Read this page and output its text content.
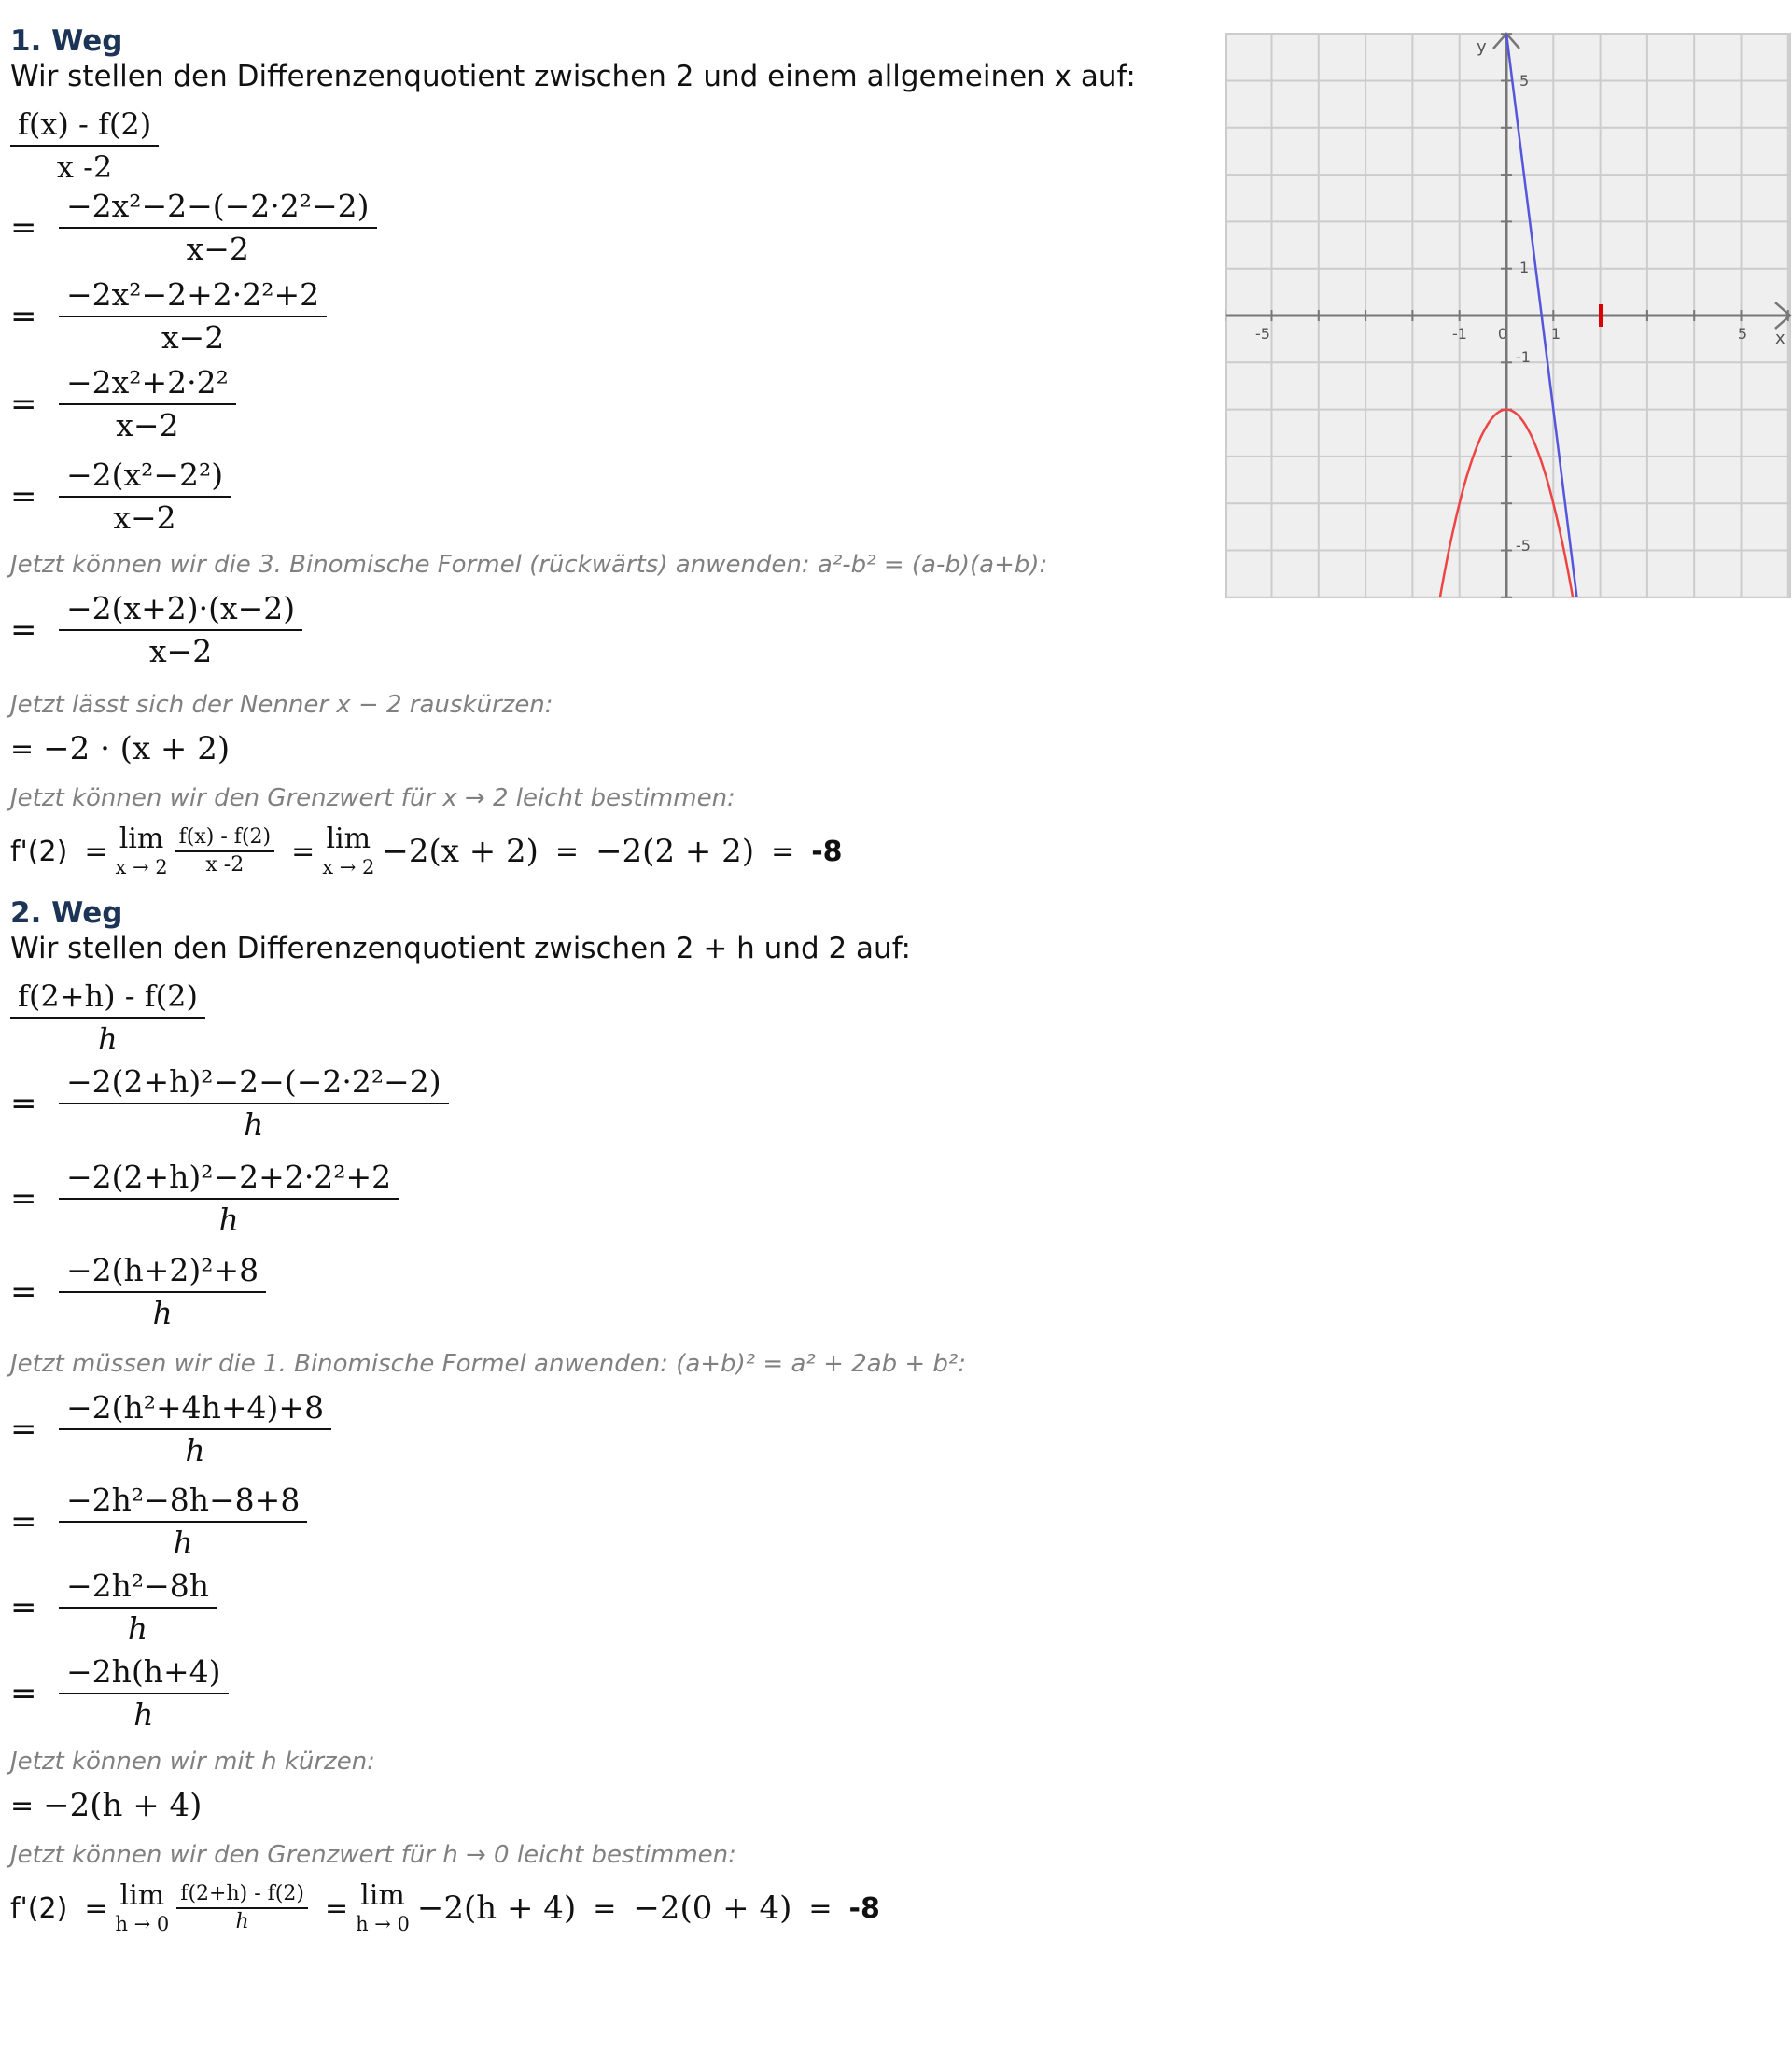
1. Weg
Wir stellen den Differenzenquotient zwischen 2 und einem allgemeinen x auf:
f(x) - f(2)
x -2
= $\frac{\text{−2x²−2−(−2·2²−2)}}{x-2}$
= $\frac{\text{−2x²−2+2·2²+2}}{x-2}$
= $\frac{\text{−2x²+2·2²}}{x-2}$
= $\frac{\text{−2(x²−2²)}}{x-2}$
Jetzt können wir die 3. Binomische Formel (rückwärts) anwenden: a²-b² = (a-b)(a+b):
= $\frac{-2(x+2)\cdot(x-2)}{x-2}$
Jetzt lässt sich der Nenner x − 2 rauskürzen:
= −2 · (x + 2)
Jetzt können wir den Grenzwert für x → 2 leicht bestimmen:
f'(2) = lim
x → 2
f(x) - f(2)
x -2 = lim
x → 2 −2(x + 2) = −2(2 + 2) = -8
2. Weg
Wir stellen den Differenzenquotient zwischen 2 + h und 2 auf:
f(2+h) - f(2)
h
= $\frac{\text{−2(2+h)²−2−(−2·2²−2)}}{h}$
= $\frac{\text{−2(2+h)²−2+2·2²+2}}{h}$
= $\frac{\text{−2(h+2)²+8}}{h}$
Jetzt müssen wir die 1. Binomische Formel anwenden: (a+b)² = a² + 2ab + b²:
= $\frac{\text{−2(h²+4h+4)+8}}{h}$
= $\frac{\text{−2h²−8h−8+8}}{h}$
= $\frac{\text{−2h²−8h}}{h}$
= $\frac{-2h(h+4)}{h}$
Jetzt können wir mit h kürzen:
= −2(h + 4)
Jetzt können wir den Grenzwert für h → 0 leicht bestimmen:
f'(2) = lim
h → 0
f(2+h) - f(2)
h	= lim
h → 0 −2(h + 4) = −2(0 + 4) = -8
-5	-1 0	1	5
5
1
-1
-5
x
y
